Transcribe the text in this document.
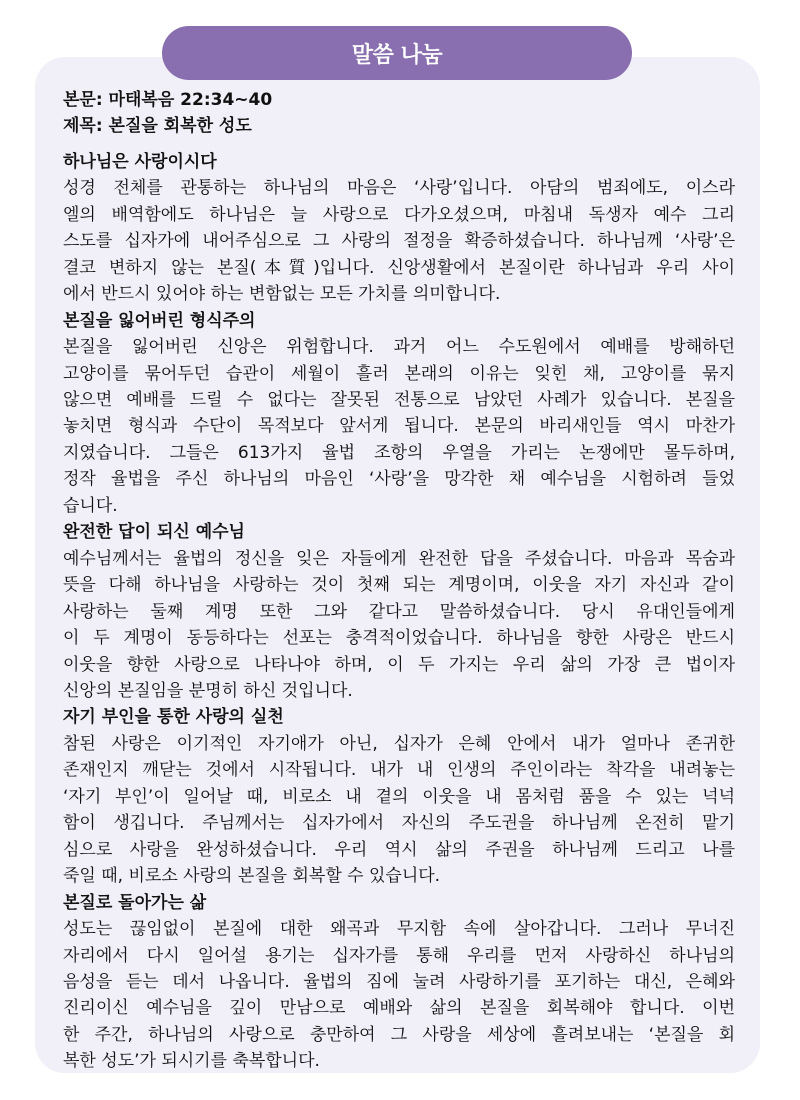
말씀 나눔
본문: 마태복음 22:34~40
제목: 본질을 회복한 성도
하나님은 사랑이시다
성경 전체를 관통하는 하나님의 마음은 ‘사랑’입니다. 아담의 범죄에도, 이스라
엘의 배역함에도 하나님은 늘 사랑으로 다가오셨으며, 마침내 독생자 예수 그리
스도를 십자가에 내어주심으로 그 사랑의 절정을 확증하셨습니다. 하나님께 ‘사랑’은
결코 변하지 않는 본질(本質)입니다. 신앙생활에서 본질이란 하나님과 우리 사이
에서 반드시 있어야 하는 변함없는 모든 가치를 의미합니다.
본질을 잃어버린 형식주의
본질을 잃어버린 신앙은 위험합니다. 과거 어느 수도원에서 예배를 방해하던
고양이를 묶어두던 습관이 세월이 흘러 본래의 이유는 잊힌 채, 고양이를 묶지
않으면 예배를 드릴 수 없다는 잘못된 전통으로 남았던 사례가 있습니다. 본질을
놓치면 형식과 수단이 목적보다 앞서게 됩니다. 본문의 바리새인들 역시 마찬가
지였습니다. 그들은 613가지 율법 조항의 우열을 가리는 논쟁에만 몰두하며,
정작 율법을 주신 하나님의 마음인 ‘사랑’을 망각한 채 예수님을 시험하려 들었
습니다.
완전한 답이 되신 예수님
예수님께서는 율법의 정신을 잊은 자들에게 완전한 답을 주셨습니다. 마음과 목숨과
뜻을 다해 하나님을 사랑하는 것이 첫째 되는 계명이며, 이웃을 자기 자신과 같이
사랑하는 둘째 계명 또한 그와 같다고 말씀하셨습니다. 당시 유대인들에게
이 두 계명이 동등하다는 선포는 충격적이었습니다. 하나님을 향한 사랑은 반드시
이웃을 향한 사랑으로 나타나야 하며, 이 두 가지는 우리 삶의 가장 큰 법이자
신앙의 본질임을 분명히 하신 것입니다.
자기 부인을 통한 사랑의 실천
참된 사랑은 이기적인 자기애가 아닌, 십자가 은혜 안에서 내가 얼마나 존귀한
존재인지 깨닫는 것에서 시작됩니다. 내가 내 인생의 주인이라는 착각을 내려놓는
‘자기 부인’이 일어날 때, 비로소 내 곁의 이웃을 내 몸처럼 품을 수 있는 넉넉
함이 생깁니다. 주님께서는 십자가에서 자신의 주도권을 하나님께 온전히 맡기
심으로 사랑을 완성하셨습니다. 우리 역시 삶의 주권을 하나님께 드리고 나를
죽일 때, 비로소 사랑의 본질을 회복할 수 있습니다.
본질로 돌아가는 삶
성도는 끊임없이 본질에 대한 왜곡과 무지함 속에 살아갑니다. 그러나 무너진
자리에서 다시 일어설 용기는 십자가를 통해 우리를 먼저 사랑하신 하나님의
음성을 듣는 데서 나옵니다. 율법의 짐에 눌려 사랑하기를 포기하는 대신, 은혜와
진리이신 예수님을 깊이 만남으로 예배와 삶의 본질을 회복해야 합니다. 이번
한 주간, 하나님의 사랑으로 충만하여 그 사랑을 세상에 흘려보내는 ‘본질을 회
복한 성도’가 되시기를 축복합니다.
